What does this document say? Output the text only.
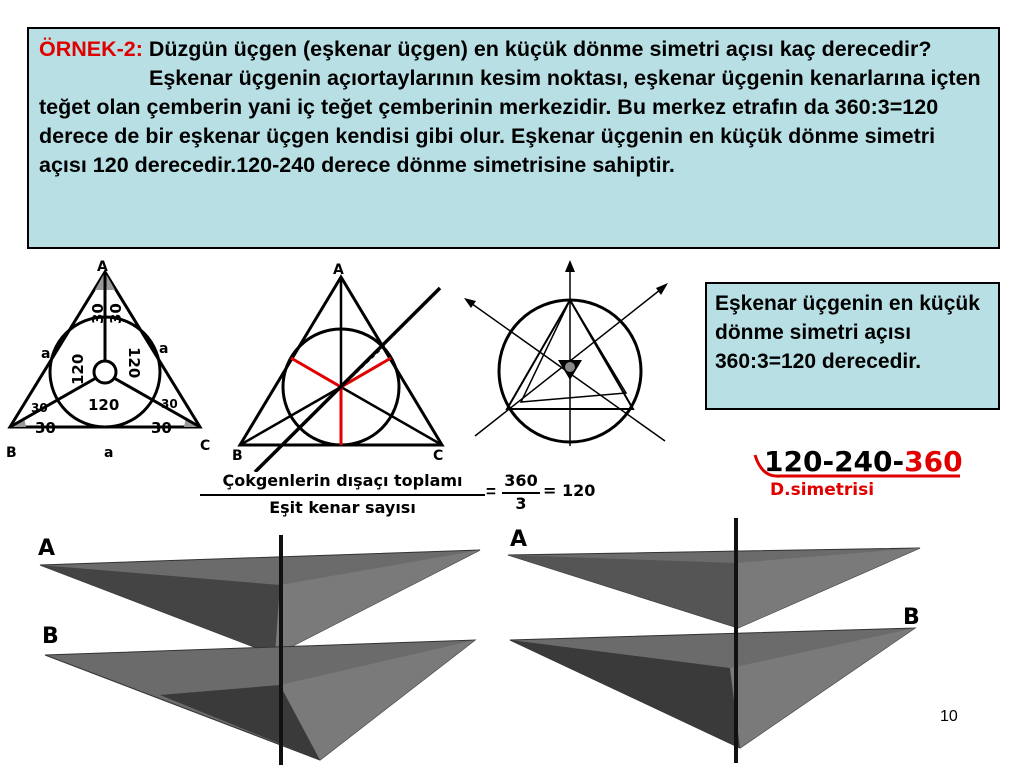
ÖRNEK-2: Düzgün üçgen (eşkenar üçgen) en küçük dönme simetri açısı kaç derecedir?
Eşkenar üçgenin açıortaylarının kesim noktası, eşkenar üçgenin kenarlarına içten teğet olan çemberin yani iç teğet çemberinin merkezidir. Bu merkez etrafın da 360:3=120 derece de bir eşkenar üçgen kendisi gibi olur. Eşkenar üçgenin en küçük dönme simetri açısı 120 derecedir.120-240 derece dönme simetrisine sahiptir.
Eşkenar üçgenin en küçük dönme simetri açısı 360:3=120 derecedir.
A
B	C
a	a
a
30 30
120	120
120
30
30
30
30
A
B	C
Çokgenlerin dışaçı toplamı
Eşit kenar sayısı
=
360
3
= 120
120-240-360
D.simetrisi
A
B
A
B
10
